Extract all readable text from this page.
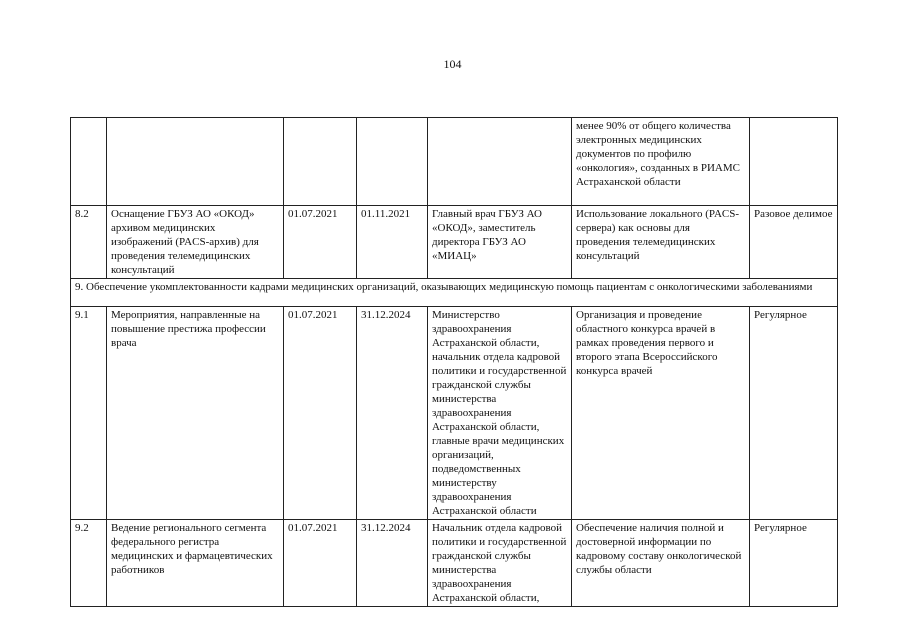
104
					менее 90% от общего количества электронных медицинских документов по профилю «онкология», созданных в РИАМС Астраханской области	
8.2	Оснащение ГБУЗ АО «ОКОД» архивом медицинских изображений (PACS-архив) для проведения телемедицинских консультаций	01.07.2021	01.11.2021	Главный врач ГБУЗ АО «ОКОД», заместитель директора ГБУЗ АО «МИАЦ»	Использование локального (PACS-сервера) как основы для проведения телемедицинских консультаций	Разовое делимое
9. Обеспечение укомплектованности кадрами медицинских организаций, оказывающих медицинскую помощь пациентам с онкологическими заболеваниями						
9.1	Мероприятия, направленные на повышение престижа профессии врача	01.07.2021	31.12.2024	Министерство здравоохранения Астраханской области, начальник отдела кадровой политики и государственной гражданской службы министерства здравоохранения Астраханской области, главные врачи медицинских организаций, подведомственных министерству здравоохранения Астраханской области	Организация и проведение областного конкурса врачей в рамках проведения первого и второго этапа Всероссийского конкурса врачей	Регулярное
9.2	Ведение регионального сегмента федерального регистра медицинских и фармацевтических работников	01.07.2021	31.12.2024	Начальник отдела кадровой политики и государственной гражданской службы министерства здравоохранения Астраханской области,	Обеспечение наличия полной и достоверной информации по кадровому составу онкологической службы области	Регулярное
